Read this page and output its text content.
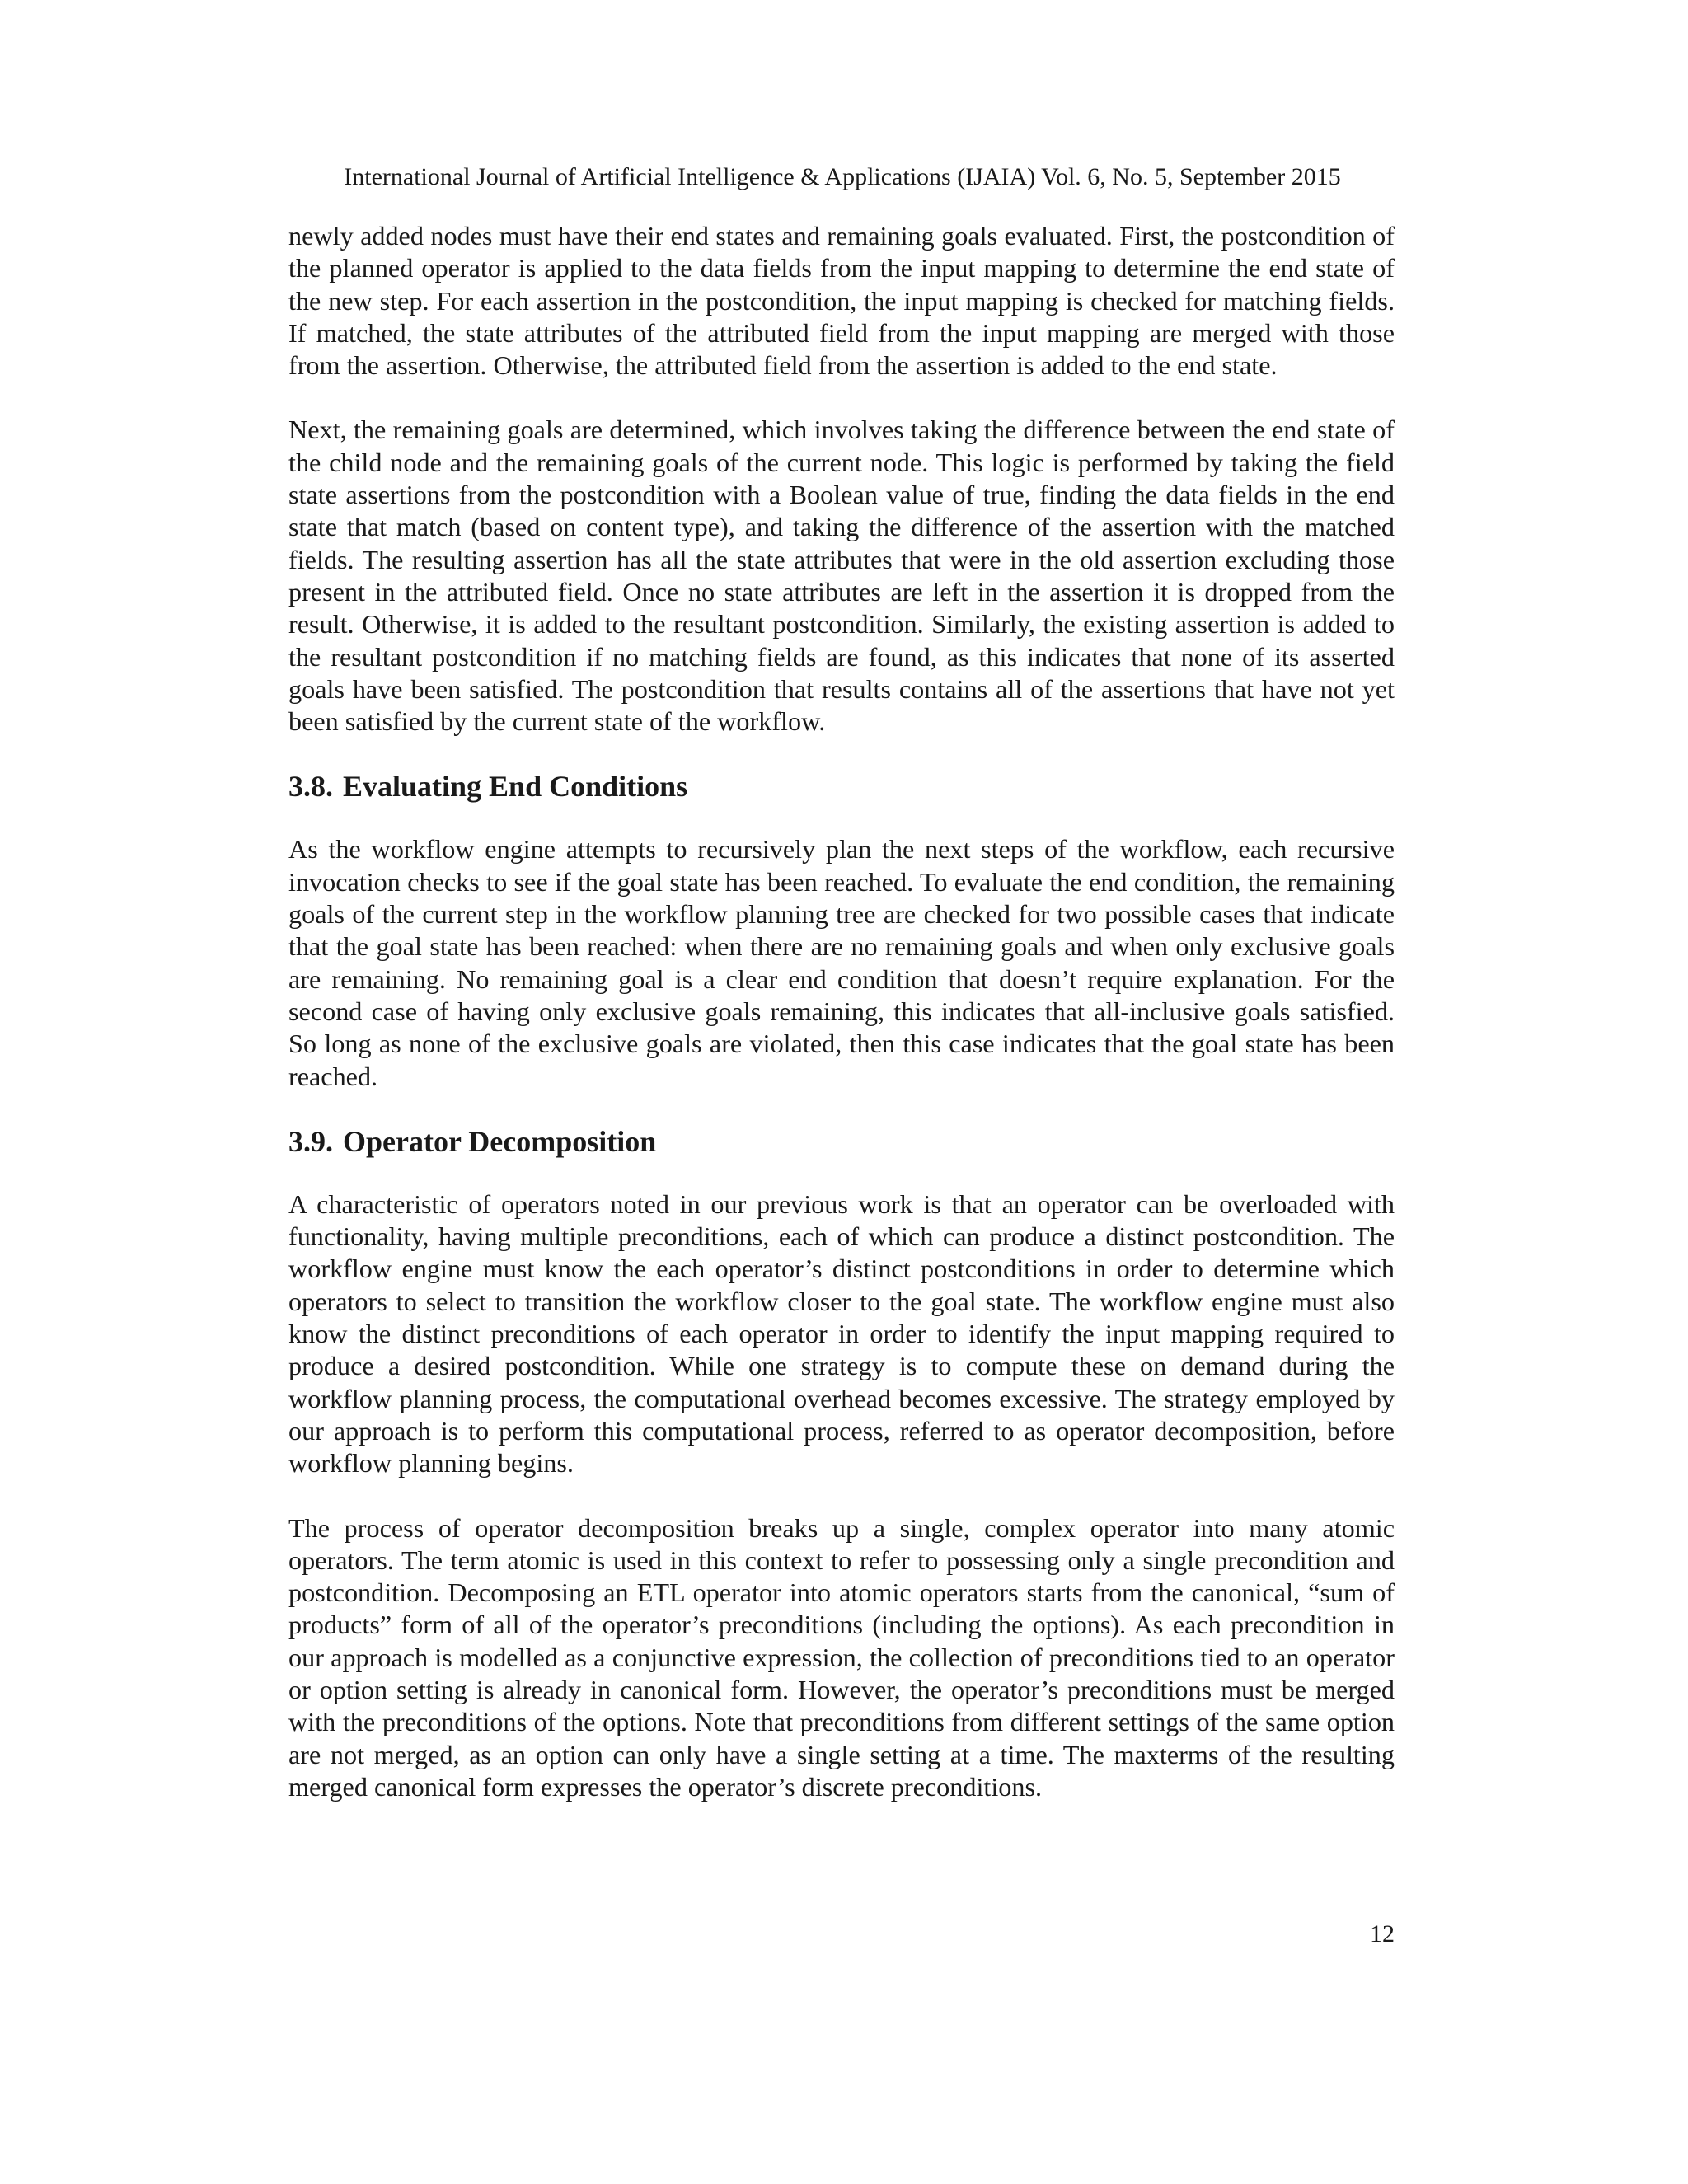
International Journal of Artificial Intelligence & Applications (IJAIA) Vol. 6, No. 5, September 2015

newly added nodes must have their end states and remaining goals evaluated. First, the postcondition of the planned operator is applied to the data fields from the input mapping to determine the end state of the new step. For each assertion in the postcondition, the input mapping is checked for matching fields. If matched, the state attributes of the attributed field from the input mapping are merged with those from the assertion. Otherwise, the attributed field from the assertion is added to the end state.

Next, the remaining goals are determined, which involves taking the difference between the end state of the child node and the remaining goals of the current node. This logic is performed by taking the field state assertions from the postcondition with a Boolean value of true, finding the data fields in the end state that match (based on content type), and taking the difference of the assertion with the matched fields. The resulting assertion has all the state attributes that were in the old assertion excluding those present in the attributed field. Once no state attributes are left in the assertion it is dropped from the result. Otherwise, it is added to the resultant postcondition. Similarly, the existing assertion is added to the resultant postcondition if no matching fields are found, as this indicates that none of its asserted goals have been satisfied. The postcondition that results contains all of the assertions that have not yet been satisfied by the current state of the workflow.

3.8. Evaluating End Conditions

As the workflow engine attempts to recursively plan the next steps of the workflow, each recursive invocation checks to see if the goal state has been reached. To evaluate the end condition, the remaining goals of the current step in the workflow planning tree are checked for two possible cases that indicate that the goal state has been reached: when there are no remaining goals and when only exclusive goals are remaining. No remaining goal is a clear end condition that doesn’t require explanation. For the second case of having only exclusive goals remaining, this indicates that all-inclusive goals satisfied. So long as none of the exclusive goals are violated, then this case indicates that the goal state has been reached.

3.9. Operator Decomposition

A characteristic of operators noted in our previous work is that an operator can be overloaded with functionality, having multiple preconditions, each of which can produce a distinct postcondition. The workflow engine must know the each operator’s distinct postconditions in order to determine which operators to select to transition the workflow closer to the goal state. The workflow engine must also know the distinct preconditions of each operator in order to identify the input mapping required to produce a desired postcondition. While one strategy is to compute these on demand during the workflow planning process, the computational overhead becomes excessive. The strategy employed by our approach is to perform this computational process, referred to as operator decomposition, before workflow planning begins.

The process of operator decomposition breaks up a single, complex operator into many atomic operators. The term atomic is used in this context to refer to possessing only a single precondition and postcondition. Decomposing an ETL operator into atomic operators starts from the canonical, “sum of products” form of all of the operator’s preconditions (including the options). As each precondition in our approach is modelled as a conjunctive expression, the collection of preconditions tied to an operator or option setting is already in canonical form. However, the operator’s preconditions must be merged with the preconditions of the options. Note that preconditions from different settings of the same option are not merged, as an option can only have a single setting at a time. The maxterms of the resulting merged canonical form expresses the operator’s discrete preconditions.

12
